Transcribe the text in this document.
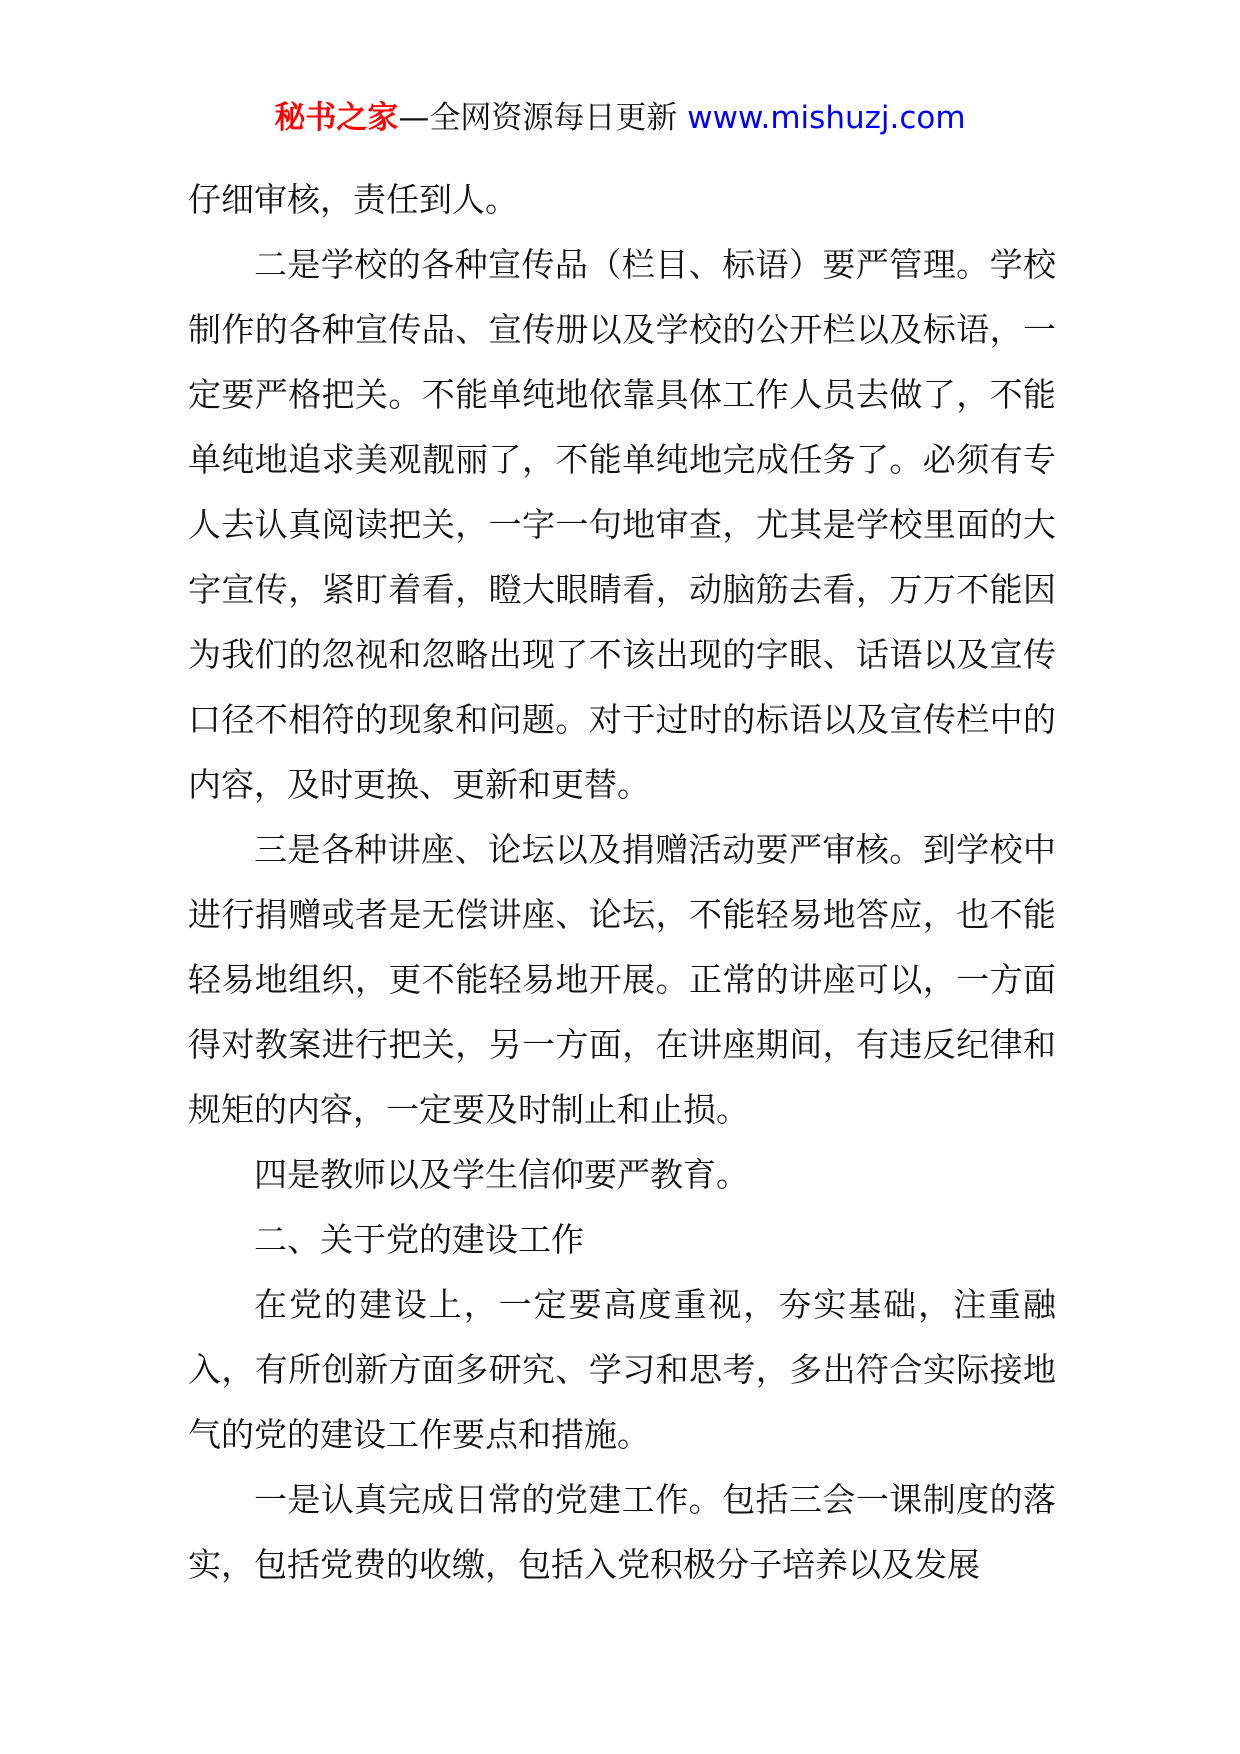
秘书之家—全网资源每日更新 www.mishuzj.com

仔细审核，责任到人。

二是学校的各种宣传品（栏目、标语）要严管理。学校制作的各种宣传品、宣传册以及学校的公开栏以及标语，一定要严格把关。不能单纯地依靠具体工作人员去做了，不能单纯地追求美观靓丽了，不能单纯地完成任务了。必须有专人去认真阅读把关，一字一句地审查，尤其是学校里面的大字宣传，紧盯着看，瞪大眼睛看，动脑筋去看，万万不能因为我们的忽视和忽略出现了不该出现的字眼、话语以及宣传口径不相符的现象和问题。对于过时的标语以及宣传栏中的内容，及时更换、更新和更替。

三是各种讲座、论坛以及捐赠活动要严审核。到学校中进行捐赠或者是无偿讲座、论坛，不能轻易地答应，也不能轻易地组织，更不能轻易地开展。正常的讲座可以，一方面得对教案进行把关，另一方面，在讲座期间，有违反纪律和规矩的内容，一定要及时制止和止损。

四是教师以及学生信仰要严教育。

二、关于党的建设工作

在党的建设上，一定要高度重视，夯实基础，注重融入，有所创新方面多研究、学习和思考，多出符合实际接地气的党的建设工作要点和措施。

一是认真完成日常的党建工作。包括三会一课制度的落实，包括党费的收缴，包括入党积极分子培养以及发展
